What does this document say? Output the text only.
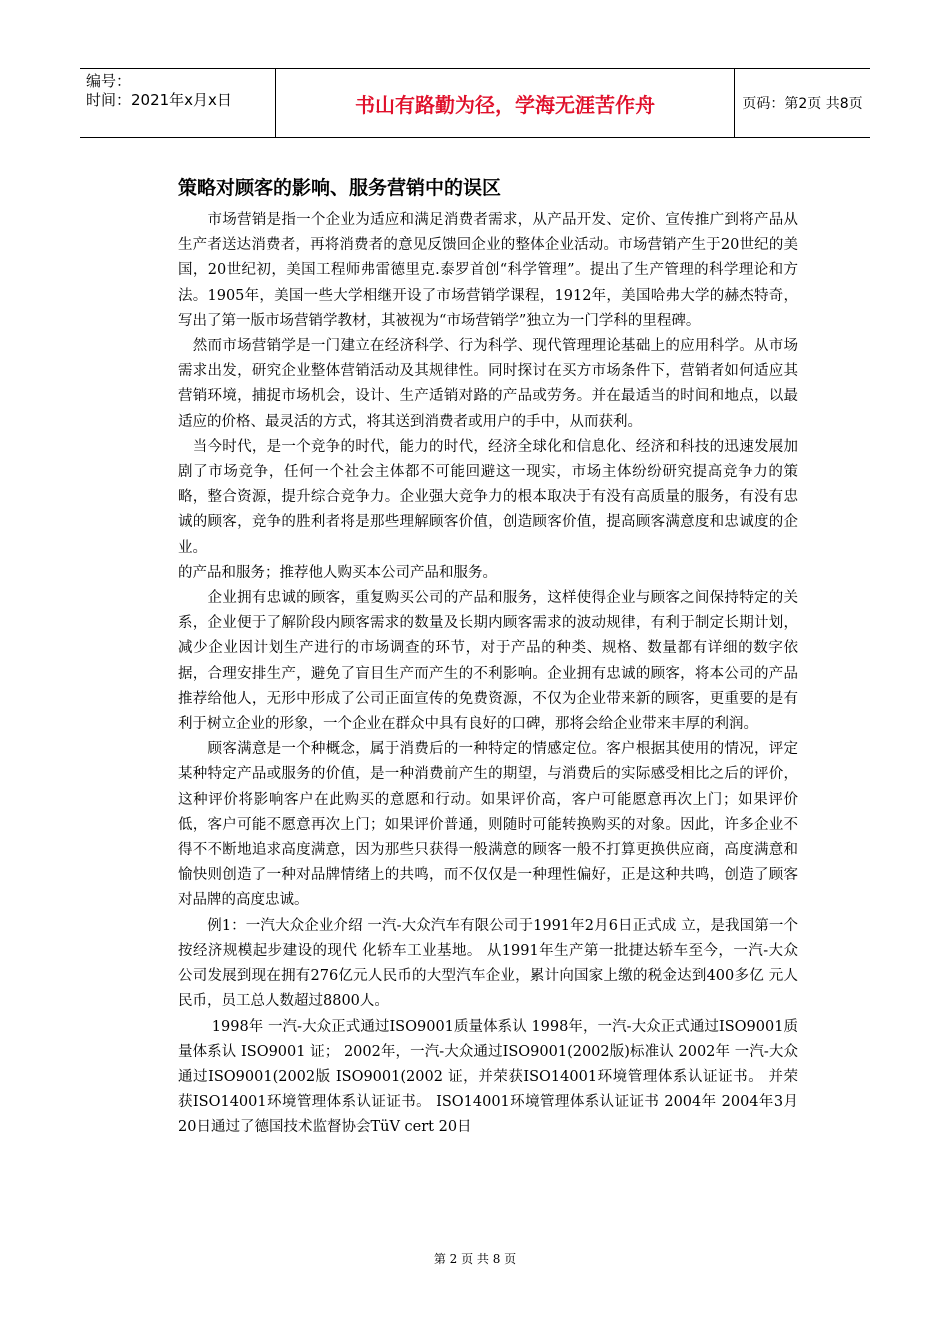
编号：
时间：2021年x月x日	书山有路勤为径，学海无涯苦作舟	页码：第2页 共8页
策略对顾客的影响、服务营销中的误区

　　市场营销是指一个企业为适应和满足消费者需求，从产品开发、定价、宣传推广到将产品从生产者送达消费者，再将消费者的意见反馈回企业的整体企业活动。市场营销产生于20世纪的美国，20世纪初，美国工程师弗雷德里克.泰罗首创“科学管理”。提出了生产管理的科学理论和方法。1905年，美国一些大学相继开设了市场营销学课程，1912年，美国哈弗大学的赫杰特奇，写出了第一版市场营销学教材，其被视为“市场营销学”独立为一门学科的里程碑。

　然而市场营销学是一门建立在经济科学、行为科学、现代管理理论基础上的应用科学。从市场需求出发，研究企业整体营销活动及其规律性。同时探讨在买方市场条件下，营销者如何适应其营销环境，捕捉市场机会，设计、生产适销对路的产品或劳务。并在最适当的时间和地点，以最适应的价格、最灵活的方式，将其送到消费者或用户的手中，从而获利。

　当今时代，是一个竞争的时代，能力的时代，经济全球化和信息化、经济和科技的迅速发展加剧了市场竞争，任何一个社会主体都不可能回避这一现实，市场主体纷纷研究提高竞争力的策略，整合资源，提升综合竞争力。企业强大竞争力的根本取决于有没有高质量的服务，有没有忠诚的顾客，竞争的胜利者将是那些理解顾客价值，创造顾客价值，提高顾客满意度和忠诚度的企业。

的产品和服务；推荐他人购买本公司产品和服务。

　　企业拥有忠诚的顾客，重复购买公司的产品和服务，这样使得企业与顾客之间保持特定的关系，企业便于了解阶段内顾客需求的数量及长期内顾客需求的波动规律，有利于制定长期计划，减少企业因计划生产进行的市场调查的环节，对于产品的种类、规格、数量都有详细的数字依据，合理安排生产，避免了盲目生产而产生的不利影响。企业拥有忠诚的顾客，将本公司的产品推荐给他人，无形中形成了公司正面宣传的免费资源，不仅为企业带来新的顾客，更重要的是有利于树立企业的形象，一个企业在群众中具有良好的口碑，那将会给企业带来丰厚的利润。

　　顾客满意是一个种概念，属于消费后的一种特定的情感定位。客户根据其使用的情况，评定某种特定产品或服务的价值，是一种消费前产生的期望，与消费后的实际感受相比之后的评价，这种评价将影响客户在此购买的意愿和行动。如果评价高，客户可能愿意再次上门；如果评价低，客户可能不愿意再次上门；如果评价普通，则随时可能转换购买的对象。因此，许多企业不得不不断地追求高度满意，因为那些只获得一般满意的顾客一般不打算更换供应商，高度满意和愉快则创造了一种对品牌情绪上的共鸣，而不仅仅是一种理性偏好，正是这种共鸣，创造了顾客对品牌的高度忠诚。

　　例1：一汽大众企业介绍 一汽-大众汽车有限公司于1991年2月6日正式成 立，是我国第一个按经济规模起步建设的现代 化轿车工业基地。 从1991年生产第一批捷达轿车至今，一汽-大众 公司发展到现在拥有276亿元人民币的大型汽车企业，累计向国家上缴的税金达到400多亿 元人民币，员工总人数超过8800人。

　　 1998年 一汽-大众正式通过ISO9001质量体系认 1998年，一汽-大众正式通过ISO9001质量体系认 ISO9001 证； 2002年，一汽-大众通过ISO9001(2002版)标准认 2002年 一汽-大众通过ISO9001(2002版 ISO9001(2002 证，并荣获ISO14001环境管理体系认证证书。 并荣获ISO14001环境管理体系认证证书。 ISO14001环境管理体系认证证书 2004年 2004年3月20日通过了德国技术监督协会TüV cert 20日

第 2 页 共 8 页
